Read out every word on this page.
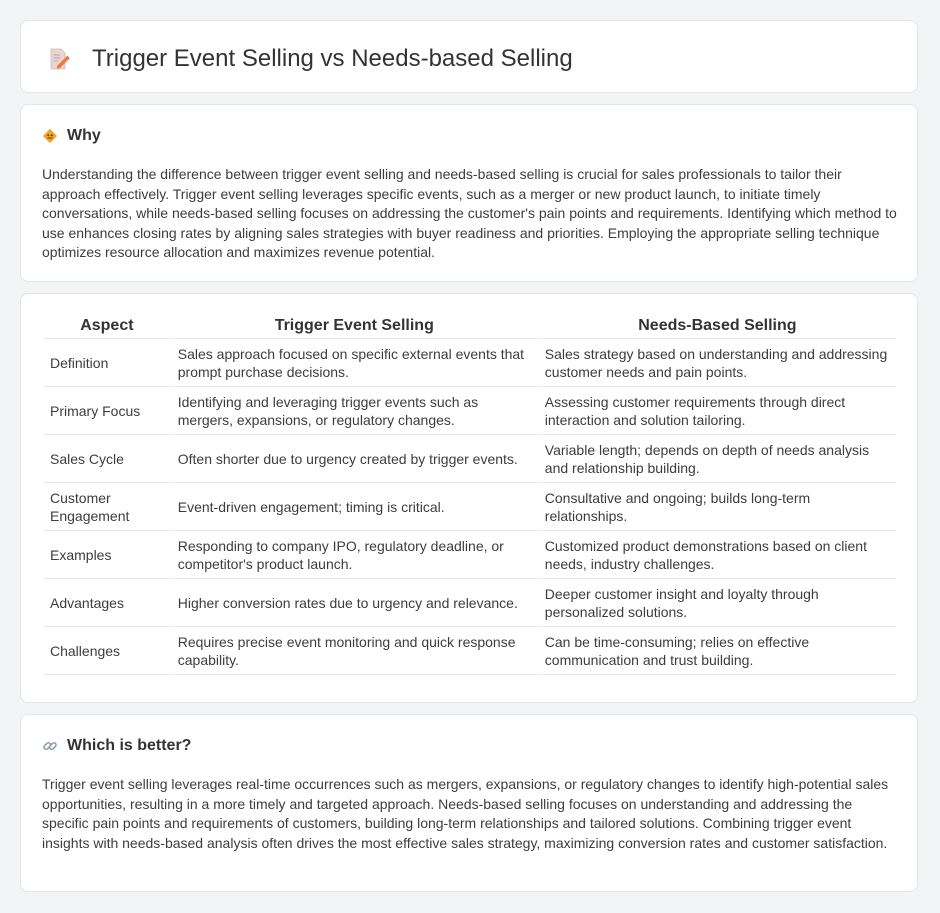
Trigger Event Selling vs Needs-based Selling
Why

Understanding the difference between trigger event selling and needs-based selling is crucial for sales professionals to tailor their approach effectively. Trigger event selling leverages specific events, such as a merger or new product launch, to initiate timely conversations, while needs-based selling focuses on addressing the customer's pain points and requirements. Identifying which method to use enhances closing rates by aligning sales strategies with buyer readiness and priorities. Employing the appropriate selling technique optimizes resource allocation and maximizes revenue potential.

Aspect	Trigger Event Selling	Needs-Based Selling
Definition	Sales approach focused on specific external events that prompt purchase decisions.	Sales strategy based on understanding and addressing customer needs and pain points.
Primary Focus	Identifying and leveraging trigger events such as mergers, expansions, or regulatory changes.	Assessing customer requirements through direct interaction and solution tailoring.
Sales Cycle	Often shorter due to urgency created by trigger events.	Variable length; depends on depth of needs analysis and relationship building.
Customer Engagement	Event-driven engagement; timing is critical.	Consultative and ongoing; builds long-term relationships.
Examples	Responding to company IPO, regulatory deadline, or competitor's product launch.	Customized product demonstrations based on client needs, industry challenges.
Advantages	Higher conversion rates due to urgency and relevance.	Deeper customer insight and loyalty through personalized solutions.
Challenges	Requires precise event monitoring and quick response capability.	Can be time-consuming; relies on effective communication and trust building.
Which is better?

Trigger event selling leverages real-time occurrences such as mergers, expansions, or regulatory changes to identify high-potential sales opportunities, resulting in a more timely and targeted approach. Needs-based selling focuses on understanding and addressing the specific pain points and requirements of customers, building long-term relationships and tailored solutions. Combining trigger event insights with needs-based analysis often drives the most effective sales strategy, maximizing conversion rates and customer satisfaction.
